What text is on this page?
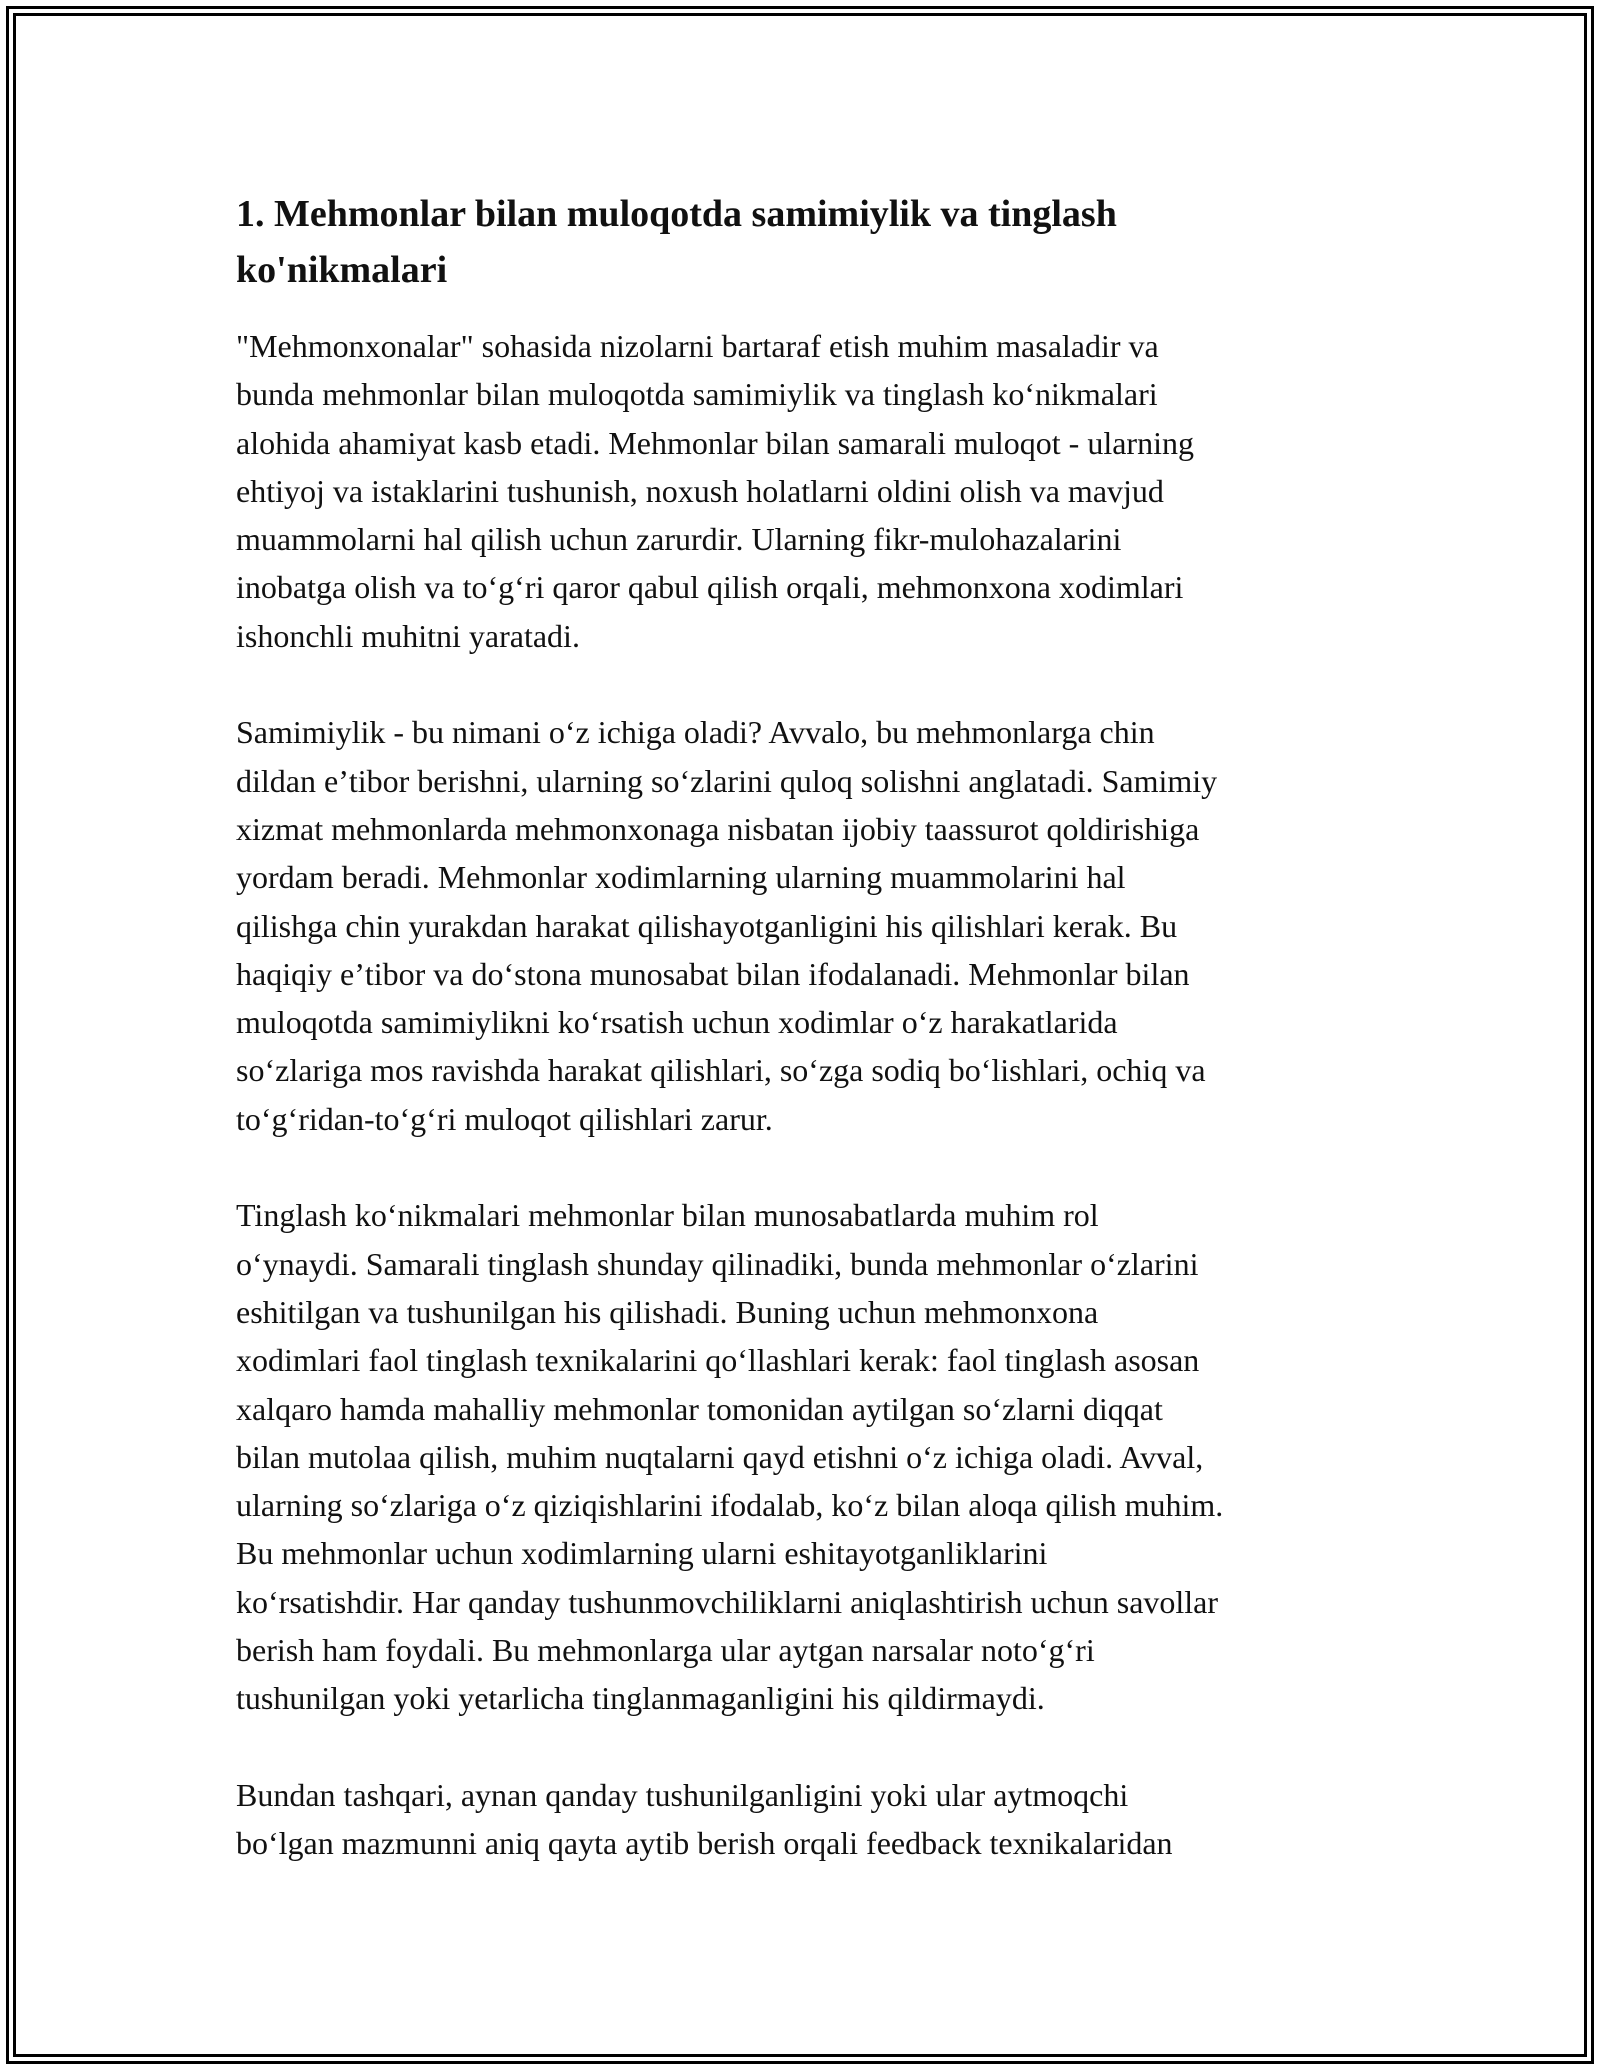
1. Mehmonlar bilan muloqotda samimiylik va tinglash
ko'nikmalari

"Mehmonxonalar" sohasida nizolarni bartaraf etish muhim masaladir va
bunda mehmonlar bilan muloqotda samimiylik va tinglash koʻnikmalari
alohida ahamiyat kasb etadi. Mehmonlar bilan samarali muloqot - ularning
ehtiyoj va istaklarini tushunish, noxush holatlarni oldini olish va mavjud
muammolarni hal qilish uchun zarurdir. Ularning fikr-mulohazalarini
inobatga olish va toʻgʻri qaror qabul qilish orqali, mehmonxona xodimlari
ishonchli muhitni yaratadi.

Samimiylik - bu nimani oʻz ichiga oladi? Avvalo, bu mehmonlarga chin
dildan eʼtibor berishni, ularning soʻzlarini quloq solishni anglatadi. Samimiy
xizmat mehmonlarda mehmonxonaga nisbatan ijobiy taassurot qoldirishiga
yordam beradi. Mehmonlar xodimlarning ularning muammolarini hal
qilishga chin yurakdan harakat qilishayotganligini his qilishlari kerak. Bu
haqiqiy eʼtibor va doʻstona munosabat bilan ifodalanadi. Mehmonlar bilan
muloqotda samimiylikni koʻrsatish uchun xodimlar oʻz harakatlarida
soʻzlariga mos ravishda harakat qilishlari, soʻzga sodiq boʻlishlari, ochiq va
toʻgʻridan-toʻgʻri muloqot qilishlari zarur.

Tinglash koʻnikmalari mehmonlar bilan munosabatlarda muhim rol
oʻynaydi. Samarali tinglash shunday qilinadiki, bunda mehmonlar oʻzlarini
eshitilgan va tushunilgan his qilishadi. Buning uchun mehmonxona
xodimlari faol tinglash texnikalarini qoʻllashlari kerak: faol tinglash asosan
xalqaro hamda mahalliy mehmonlar tomonidan aytilgan soʻzlarni diqqat
bilan mutolaa qilish, muhim nuqtalarni qayd etishni oʻz ichiga oladi. Avval,
ularning soʻzlariga oʻz qiziqishlarini ifodalab, koʻz bilan aloqa qilish muhim.
Bu mehmonlar uchun xodimlarning ularni eshitayotganliklarini
koʻrsatishdir. Har qanday tushunmovchiliklarni aniqlashtirish uchun savollar
berish ham foydali. Bu mehmonlarga ular aytgan narsalar notoʻgʻri
tushunilgan yoki yetarlicha tinglanmaganligini his qildirmaydi.

Bundan tashqari, aynan qanday tushunilganligini yoki ular aytmoqchi
boʻlgan mazmunni aniq qayta aytib berish orqali feedback texnikalaridan
